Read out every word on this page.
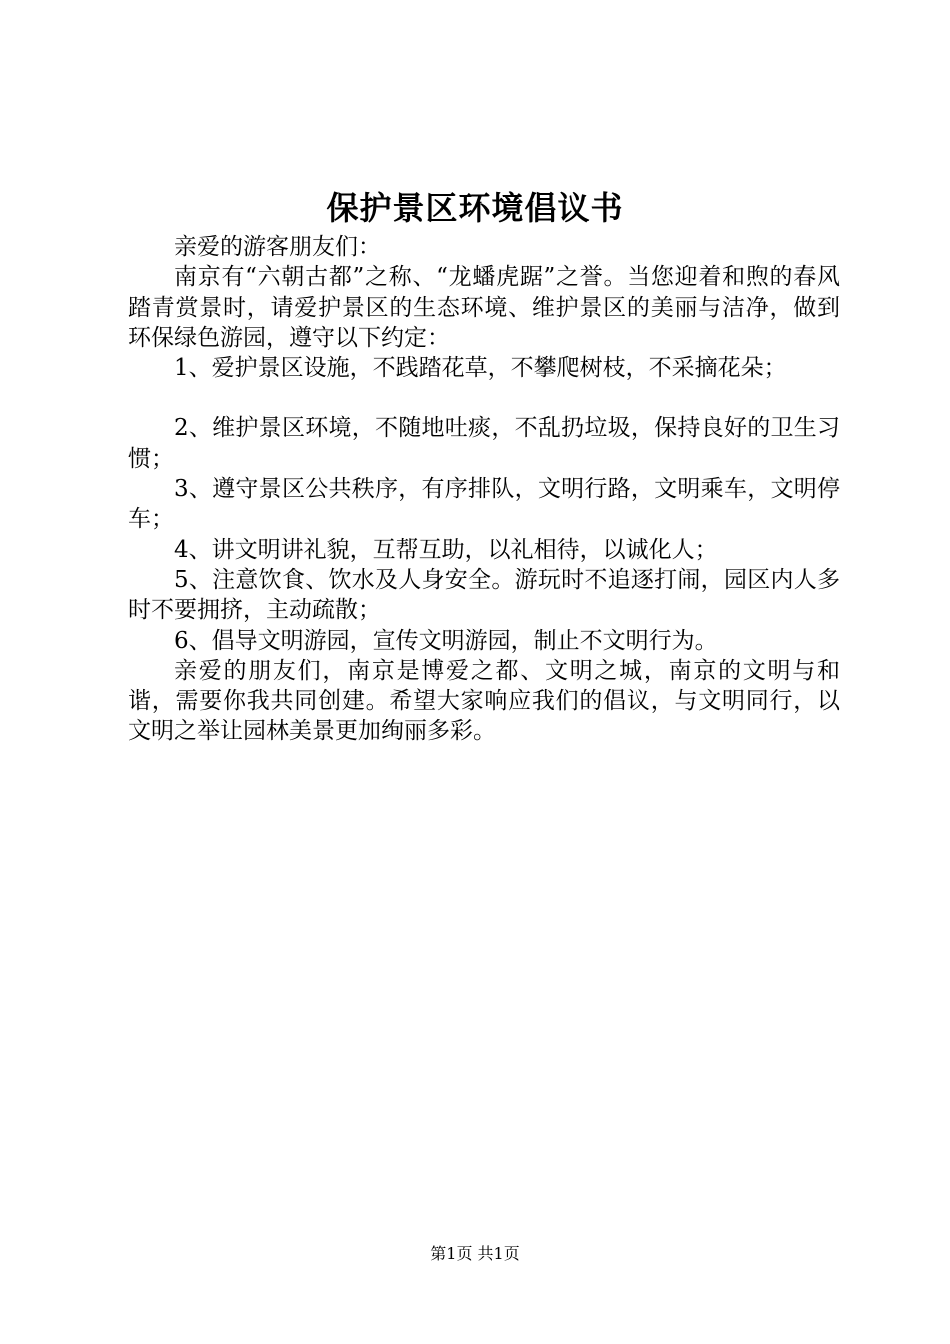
保护景区环境倡议书

亲爱的游客朋友们：

南京有“六朝古都”之称、“龙蟠虎踞”之誉。当您迎着和煦的春风踏青赏景时，请爱护景区的生态环境、维护景区的美丽与洁净，做到环保绿色游园，遵守以下约定：

1、爱护景区设施，不践踏花草，不攀爬树枝，不采摘花朵；

2、维护景区环境，不随地吐痰，不乱扔垃圾，保持良好的卫生习惯；

3、遵守景区公共秩序，有序排队，文明行路，文明乘车，文明停车；

4、讲文明讲礼貌，互帮互助，以礼相待，以诚化人；

5、注意饮食、饮水及人身安全。游玩时不追逐打闹，园区内人多时不要拥挤，主动疏散；

6、倡导文明游园，宣传文明游园，制止不文明行为。

亲爱的朋友们，南京是博爱之都、文明之城，南京的文明与和谐，需要你我共同创建。希望大家响应我们的倡议，与文明同行，以文明之举让园林美景更加绚丽多彩。

第1页 共1页
